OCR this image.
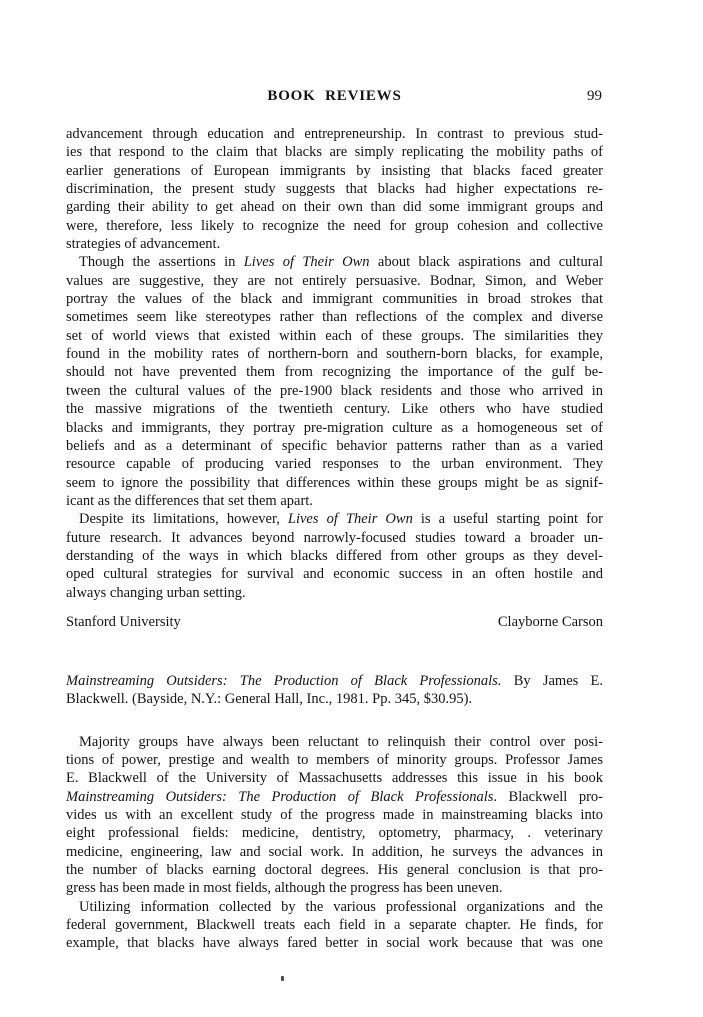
BOOK REVIEWS	99
advancement through education and entrepreneurship. In contrast to previous stud-
ies that respond to the claim that blacks are simply replicating the mobility paths of
earlier generations of European immigrants by insisting that blacks faced greater
discrimination, the present study suggests that blacks had higher expectations re-
garding their ability to get ahead on their own than did some immigrant groups and
were, therefore, less likely to recognize the need for group cohesion and collective
strategies of advancement.
Though the assertions in Lives of Their Own about black aspirations and cultural
values are suggestive, they are not entirely persuasive. Bodnar, Simon, and Weber
portray the values of the black and immigrant communities in broad strokes that
sometimes seem like stereotypes rather than reflections of the complex and diverse
set of world views that existed within each of these groups. The similarities they
found in the mobility rates of northern-born and southern-born blacks, for example,
should not have prevented them from recognizing the importance of the gulf be-
tween the cultural values of the pre-1900 black residents and those who arrived in
the massive migrations of the twentieth century. Like others who have studied
blacks and immigrants, they portray pre-migration culture as a homogeneous set of
beliefs and as a determinant of specific behavior patterns rather than as a varied
resource capable of producing varied responses to the urban environment. They
seem to ignore the possibility that differences within these groups might be as signif-
icant as the differences that set them apart.
Despite its limitations, however, Lives of Their Own is a useful starting point for
future research. It advances beyond narrowly-focused studies toward a broader un-
derstanding of the ways in which blacks differed from other groups as they devel-
oped cultural strategies for survival and economic success in an often hostile and
always changing urban setting.
Stanford University	Clayborne Carson
Mainstreaming Outsiders: The Production of Black Professionals. By James E.
Blackwell. (Bayside, N.Y.: General Hall, Inc., 1981. Pp. 345, $30.95).
Majority groups have always been reluctant to relinquish their control over posi-
tions of power, prestige and wealth to members of minority groups. Professor James
E. Blackwell of the University of Massachusetts addresses this issue in his book
Mainstreaming Outsiders: The Production of Black Professionals. Blackwell pro-
vides us with an excellent study of the progress made in mainstreaming blacks into
eight professional fields: medicine, dentistry, optometry, pharmacy, . veterinary
medicine, engineering, law and social work. In addition, he surveys the advances in
the number of blacks earning doctoral degrees. His general conclusion is that pro-
gress has been made in most fields, although the progress has been uneven.
Utilizing information collected by the various professional organizations and the
federal government, Blackwell treats each field in a separate chapter. He finds, for
example, that blacks have always fared better in social work because that was one
